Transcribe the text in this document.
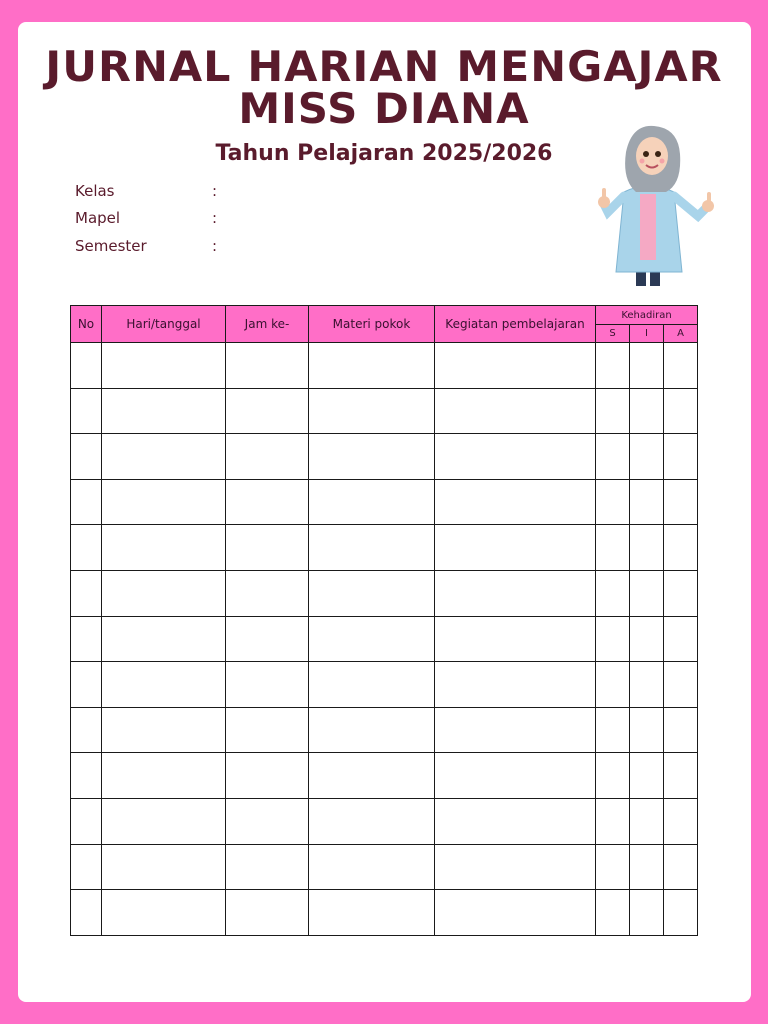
JURNAL HARIAN MENGAJAR
MISS DIANA
Tahun Pelajaran 2025/2026
Kelas	:
Mapel	:
Semester	:
No	Hari/tanggal	Jam ke-	Materi pokok	Kegiatan pembelajaran	Kehadiran		
					S	I	A
